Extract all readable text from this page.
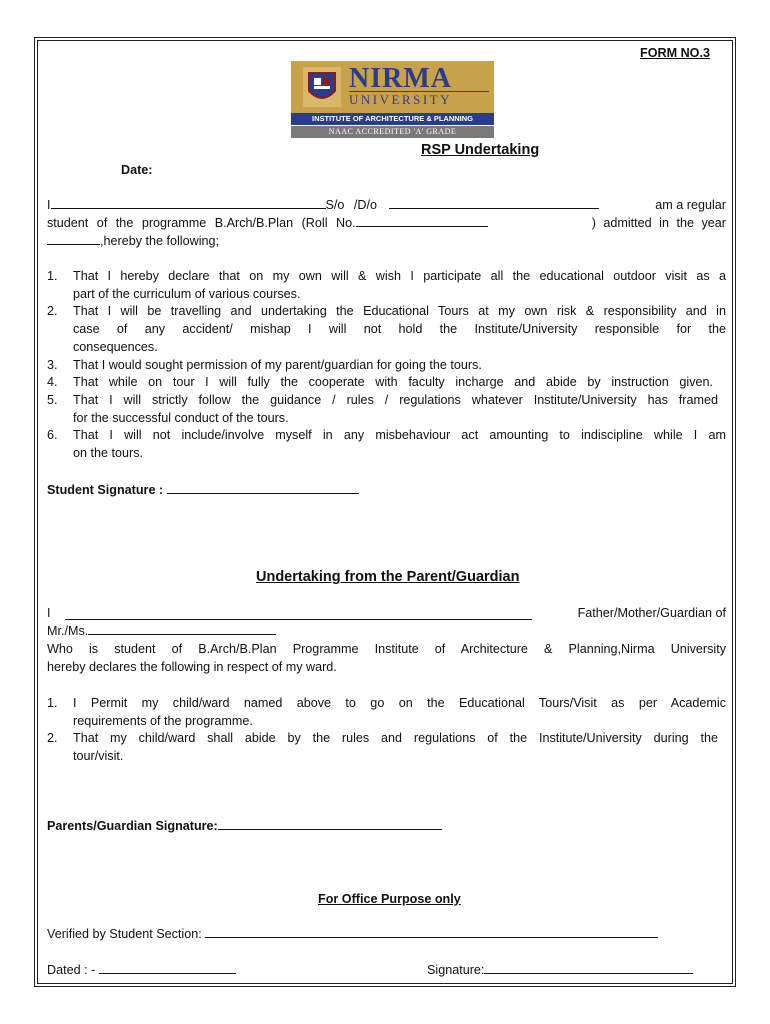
FORM NO.3
NIRMA
UNIVERSITY
INSTITUTE OF ARCHITECTURE & PLANNING
NAAC ACCREDITED 'A' GRADE
RSP Undertaking
Date:
I	S/o /D/o	am a regular
student of the programme B.Arch/B.Plan (Roll No.	) admitted in the year
,hereby the following;
1. That I hereby declare that on my own will & wish I participate all the educational outdoor visit as a
part of the curriculum of various courses.
2. That I will be travelling and undertaking the Educational Tours at my own risk & responsibility and in
case of any accident/ mishap I will not hold the Institute/University responsible for the
consequences.
3. That I would sought permission of my parent/guardian for going the tours.
4. That while on tour I will fully the cooperate with faculty incharge and abide by instruction given.
5. That I will strictly follow the guidance / rules / regulations whatever Institute/University has framed
for the successful conduct of the tours.
6. That I will not include/involve myself in any misbehaviour act amounting to indiscipline while I am
on the tours.
Student Signature :
Undertaking from the Parent/Guardian
I	Father/Mother/Guardian of
Mr./Ms.
Who is student of B.Arch/B.Plan Programme Institute of Architecture & Planning,Nirma University
hereby declares the following in respect of my ward.
1. I Permit my child/ward named above to go on the Educational Tours/Visit as per Academic
requirements of the programme.
2. That my child/ward shall abide by the rules and regulations of the Institute/University during the
tour/visit.
Parents/Guardian Signature:
For Office Purpose only
Verified by Student Section:
Dated : -	Signature:
